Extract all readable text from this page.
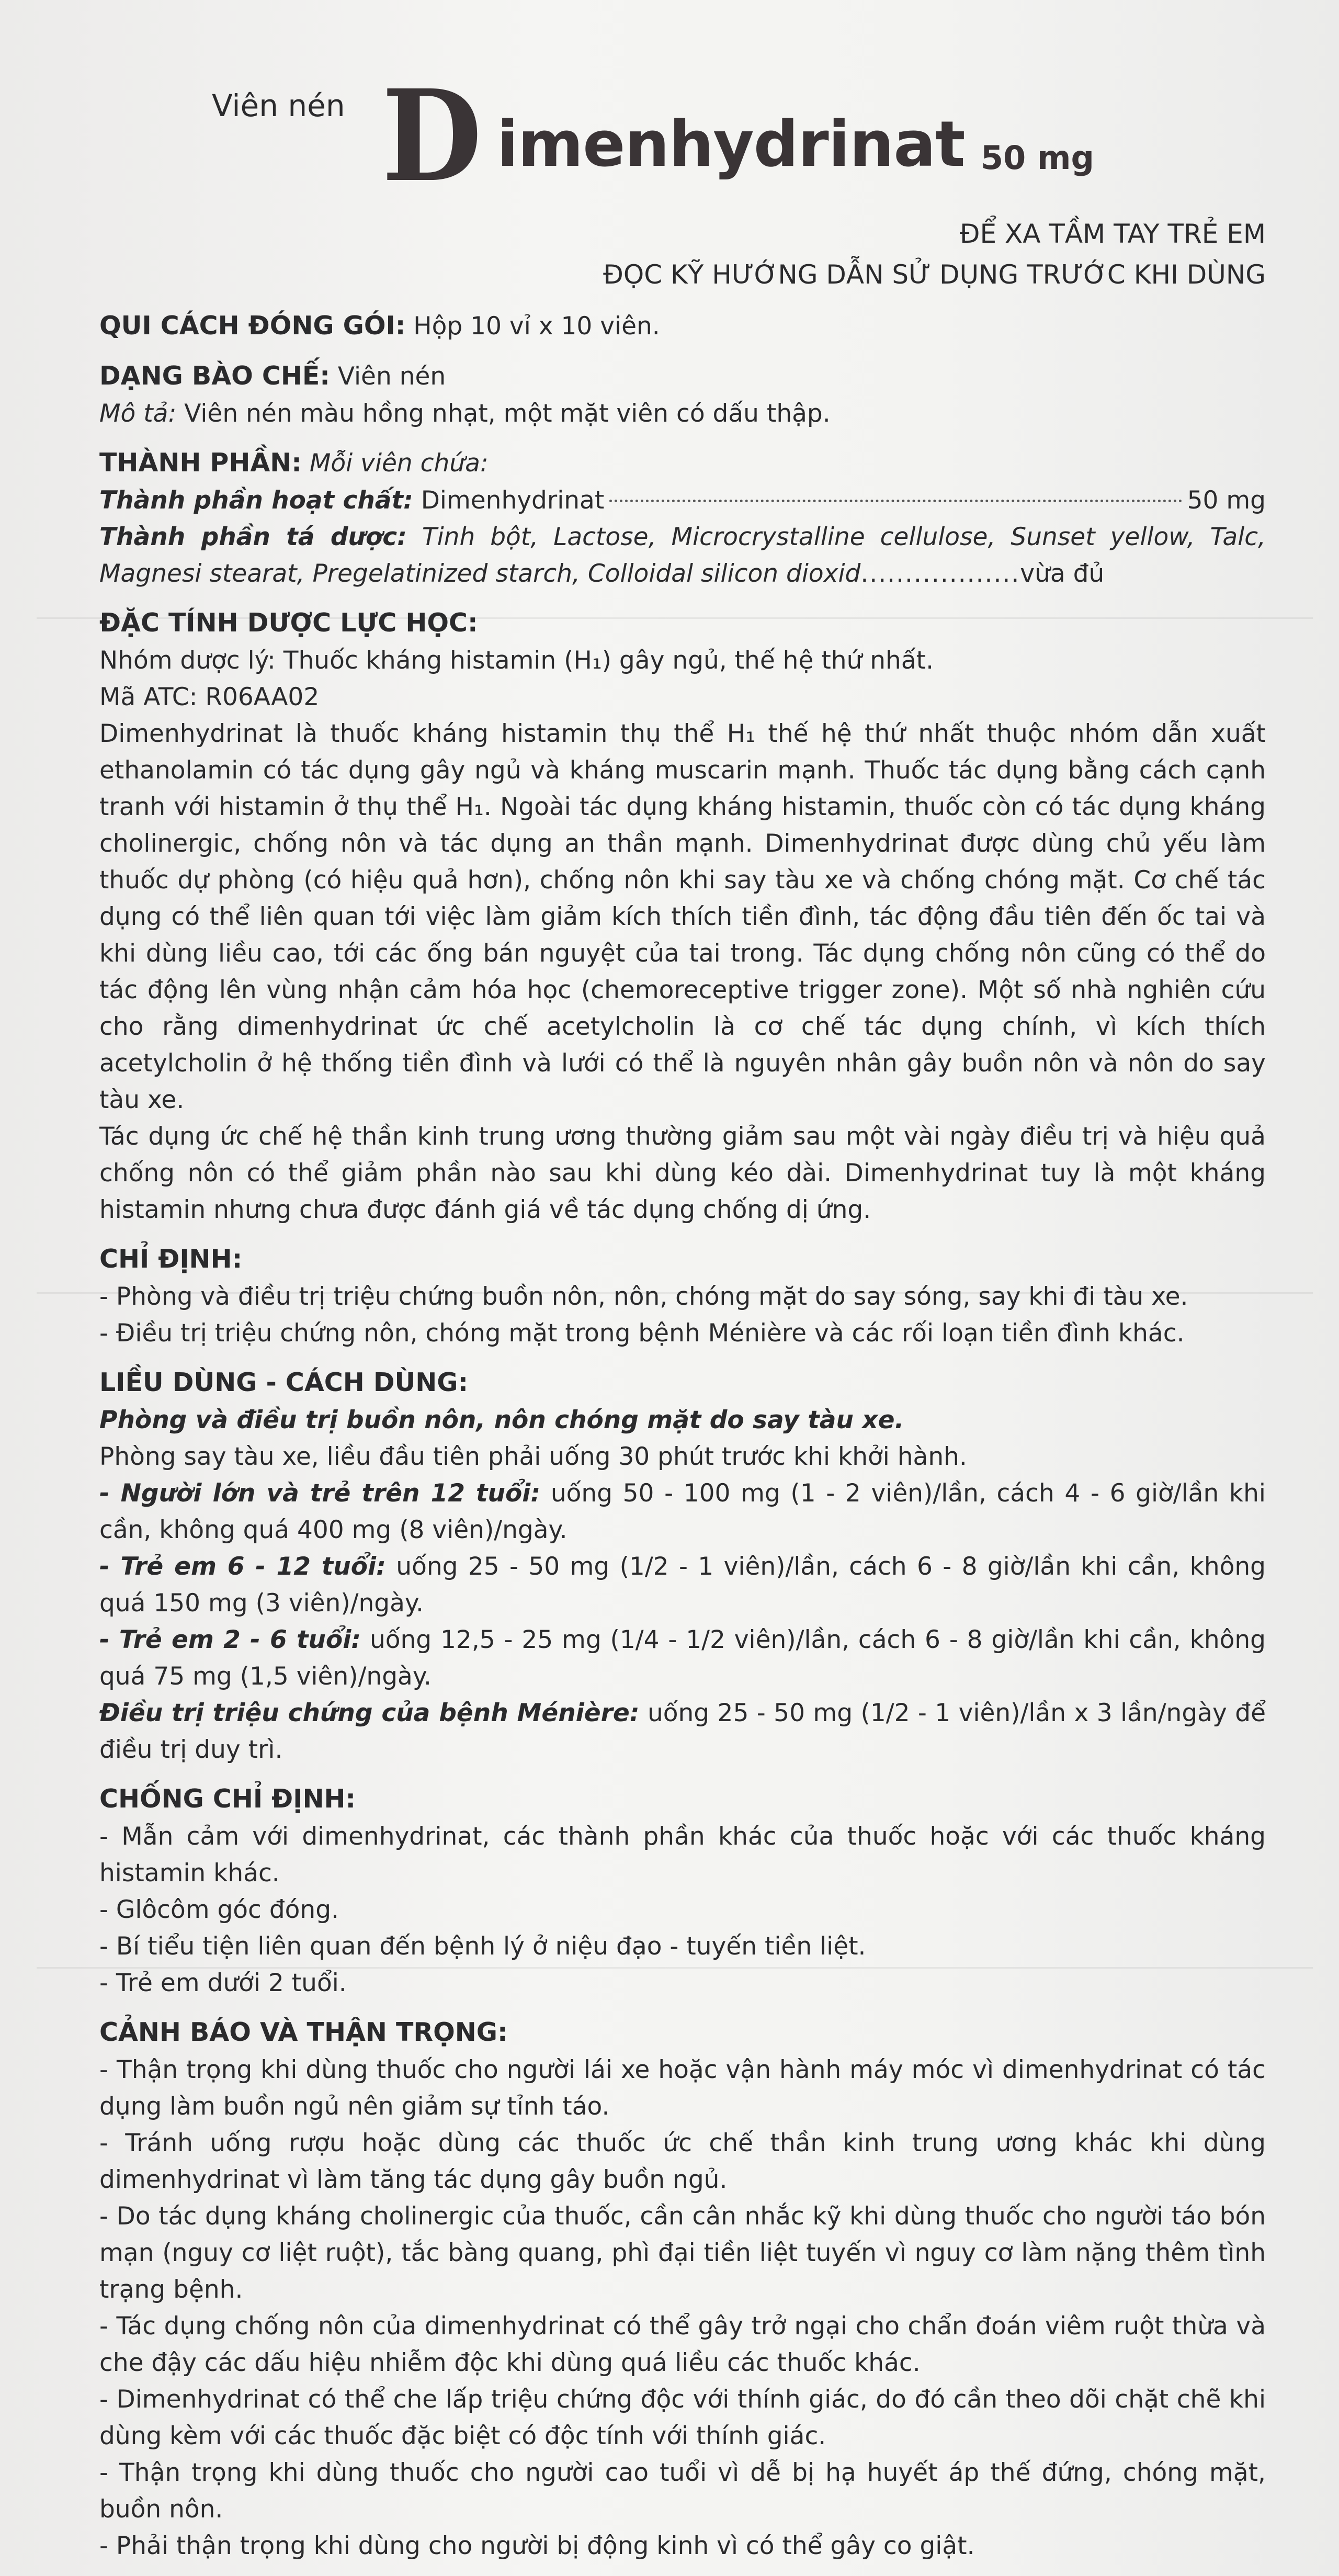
Viên nén D imenhydrinat 50 mg
ĐỂ XA TẦM TAY TRẺ EM
ĐỌC KỸ HƯỚNG DẪN SỬ DỤNG TRƯỚC KHI DÙNG

QUI CÁCH ĐÓNG GÓI: Hộp 10 vỉ x 10 viên.

DẠNG BÀO CHẾ: Viên nén

Mô tả: Viên nén màu hồng nhạt, một mặt viên có dấu thập.

THÀNH PHẦN: Mỗi viên chứa:

Thành phần hoạt chất: Dimenhydrinat	50 mg

Thành phần tá dược: Tinh bột, Lactose, Microcrystalline cellulose, Sunset yellow, Talc, Magnesi stearat, Pregelatinized starch, Colloidal silicon dioxid..................vừa đủ

ĐẶC TÍNH DƯỢC LỰC HỌC:

Nhóm dược lý: Thuốc kháng histamin (H₁) gây ngủ, thế hệ thứ nhất.

Mã ATC: R06AA02

Dimenhydrinat là thuốc kháng histamin thụ thể H₁ thế hệ thứ nhất thuộc nhóm dẫn xuất ethanolamin có tác dụng gây ngủ và kháng muscarin mạnh. Thuốc tác dụng bằng cách cạnh tranh với histamin ở thụ thể H₁. Ngoài tác dụng kháng histamin, thuốc còn có tác dụng kháng cholinergic, chống nôn và tác dụng an thần mạnh. Dimenhydrinat được dùng chủ yếu làm thuốc dự phòng (có hiệu quả hơn), chống nôn khi say tàu xe và chống chóng mặt. Cơ chế tác dụng có thể liên quan tới việc làm giảm kích thích tiền đình, tác động đầu tiên đến ốc tai và khi dùng liều cao, tới các ống bán nguyệt của tai trong. Tác dụng chống nôn cũng có thể do tác động lên vùng nhận cảm hóa học (chemoreceptive trigger zone). Một số nhà nghiên cứu cho rằng dimenhydrinat ức chế acetylcholin là cơ chế tác dụng chính, vì kích thích acetylcholin ở hệ thống tiền đình và lưới có thể là nguyên nhân gây buồn nôn và nôn do say tàu xe.

Tác dụng ức chế hệ thần kinh trung ương thường giảm sau một vài ngày điều trị và hiệu quả chống nôn có thể giảm phần nào sau khi dùng kéo dài. Dimenhydrinat tuy là một kháng histamin nhưng chưa được đánh giá về tác dụng chống dị ứng.

CHỈ ĐỊNH:

- Phòng và điều trị triệu chứng buồn nôn, nôn, chóng mặt do say sóng, say khi đi tàu xe.

- Điều trị triệu chứng nôn, chóng mặt trong bệnh Ménière và các rối loạn tiền đình khác.

LIỀU DÙNG - CÁCH DÙNG:

Phòng và điều trị buồn nôn, nôn chóng mặt do say tàu xe.

Phòng say tàu xe, liều đầu tiên phải uống 30 phút trước khi khởi hành.

- Người lớn và trẻ trên 12 tuổi: uống 50 - 100 mg (1 - 2 viên)/lần, cách 4 - 6 giờ/lần khi cần, không quá 400 mg (8 viên)/ngày.

- Trẻ em 6 - 12 tuổi: uống 25 - 50 mg (1/2 - 1 viên)/lần, cách 6 - 8 giờ/lần khi cần, không quá 150 mg (3 viên)/ngày.

- Trẻ em 2 - 6 tuổi: uống 12,5 - 25 mg (1/4 - 1/2 viên)/lần, cách 6 - 8 giờ/lần khi cần, không quá 75 mg (1,5 viên)/ngày.

Điều trị triệu chứng của bệnh Ménière: uống 25 - 50 mg (1/2 - 1 viên)/lần x 3 lần/ngày để điều trị duy trì.

CHỐNG CHỈ ĐỊNH:

- Mẫn cảm với dimenhydrinat, các thành phần khác của thuốc hoặc với các thuốc kháng histamin khác.

- Glôcôm góc đóng.

- Bí tiểu tiện liên quan đến bệnh lý ở niệu đạo - tuyến tiền liệt.

- Trẻ em dưới 2 tuổi.

CẢNH BÁO VÀ THẬN TRỌNG:

- Thận trọng khi dùng thuốc cho người lái xe hoặc vận hành máy móc vì dimenhydrinat có tác dụng làm buồn ngủ nên giảm sự tỉnh táo.

- Tránh uống rượu hoặc dùng các thuốc ức chế thần kinh trung ương khác khi dùng dimenhydrinat vì làm tăng tác dụng gây buồn ngủ.

- Do tác dụng kháng cholinergic của thuốc, cần cân nhắc kỹ khi dùng thuốc cho người táo bón mạn (nguy cơ liệt ruột), tắc bàng quang, phì đại tiền liệt tuyến vì nguy cơ làm nặng thêm tình trạng bệnh.

- Tác dụng chống nôn của dimenhydrinat có thể gây trở ngại cho chẩn đoán viêm ruột thừa và che đậy các dấu hiệu nhiễm độc khi dùng quá liều các thuốc khác.

- Dimenhydrinat có thể che lấp triệu chứng độc với thính giác, do đó cần theo dõi chặt chẽ khi dùng kèm với các thuốc đặc biệt có độc tính với thính giác.

- Thận trọng khi dùng thuốc cho người cao tuổi vì dễ bị hạ huyết áp thế đứng, chóng mặt, buồn nôn.

- Phải thận trọng khi dùng cho người bị động kinh vì có thể gây co giật.
